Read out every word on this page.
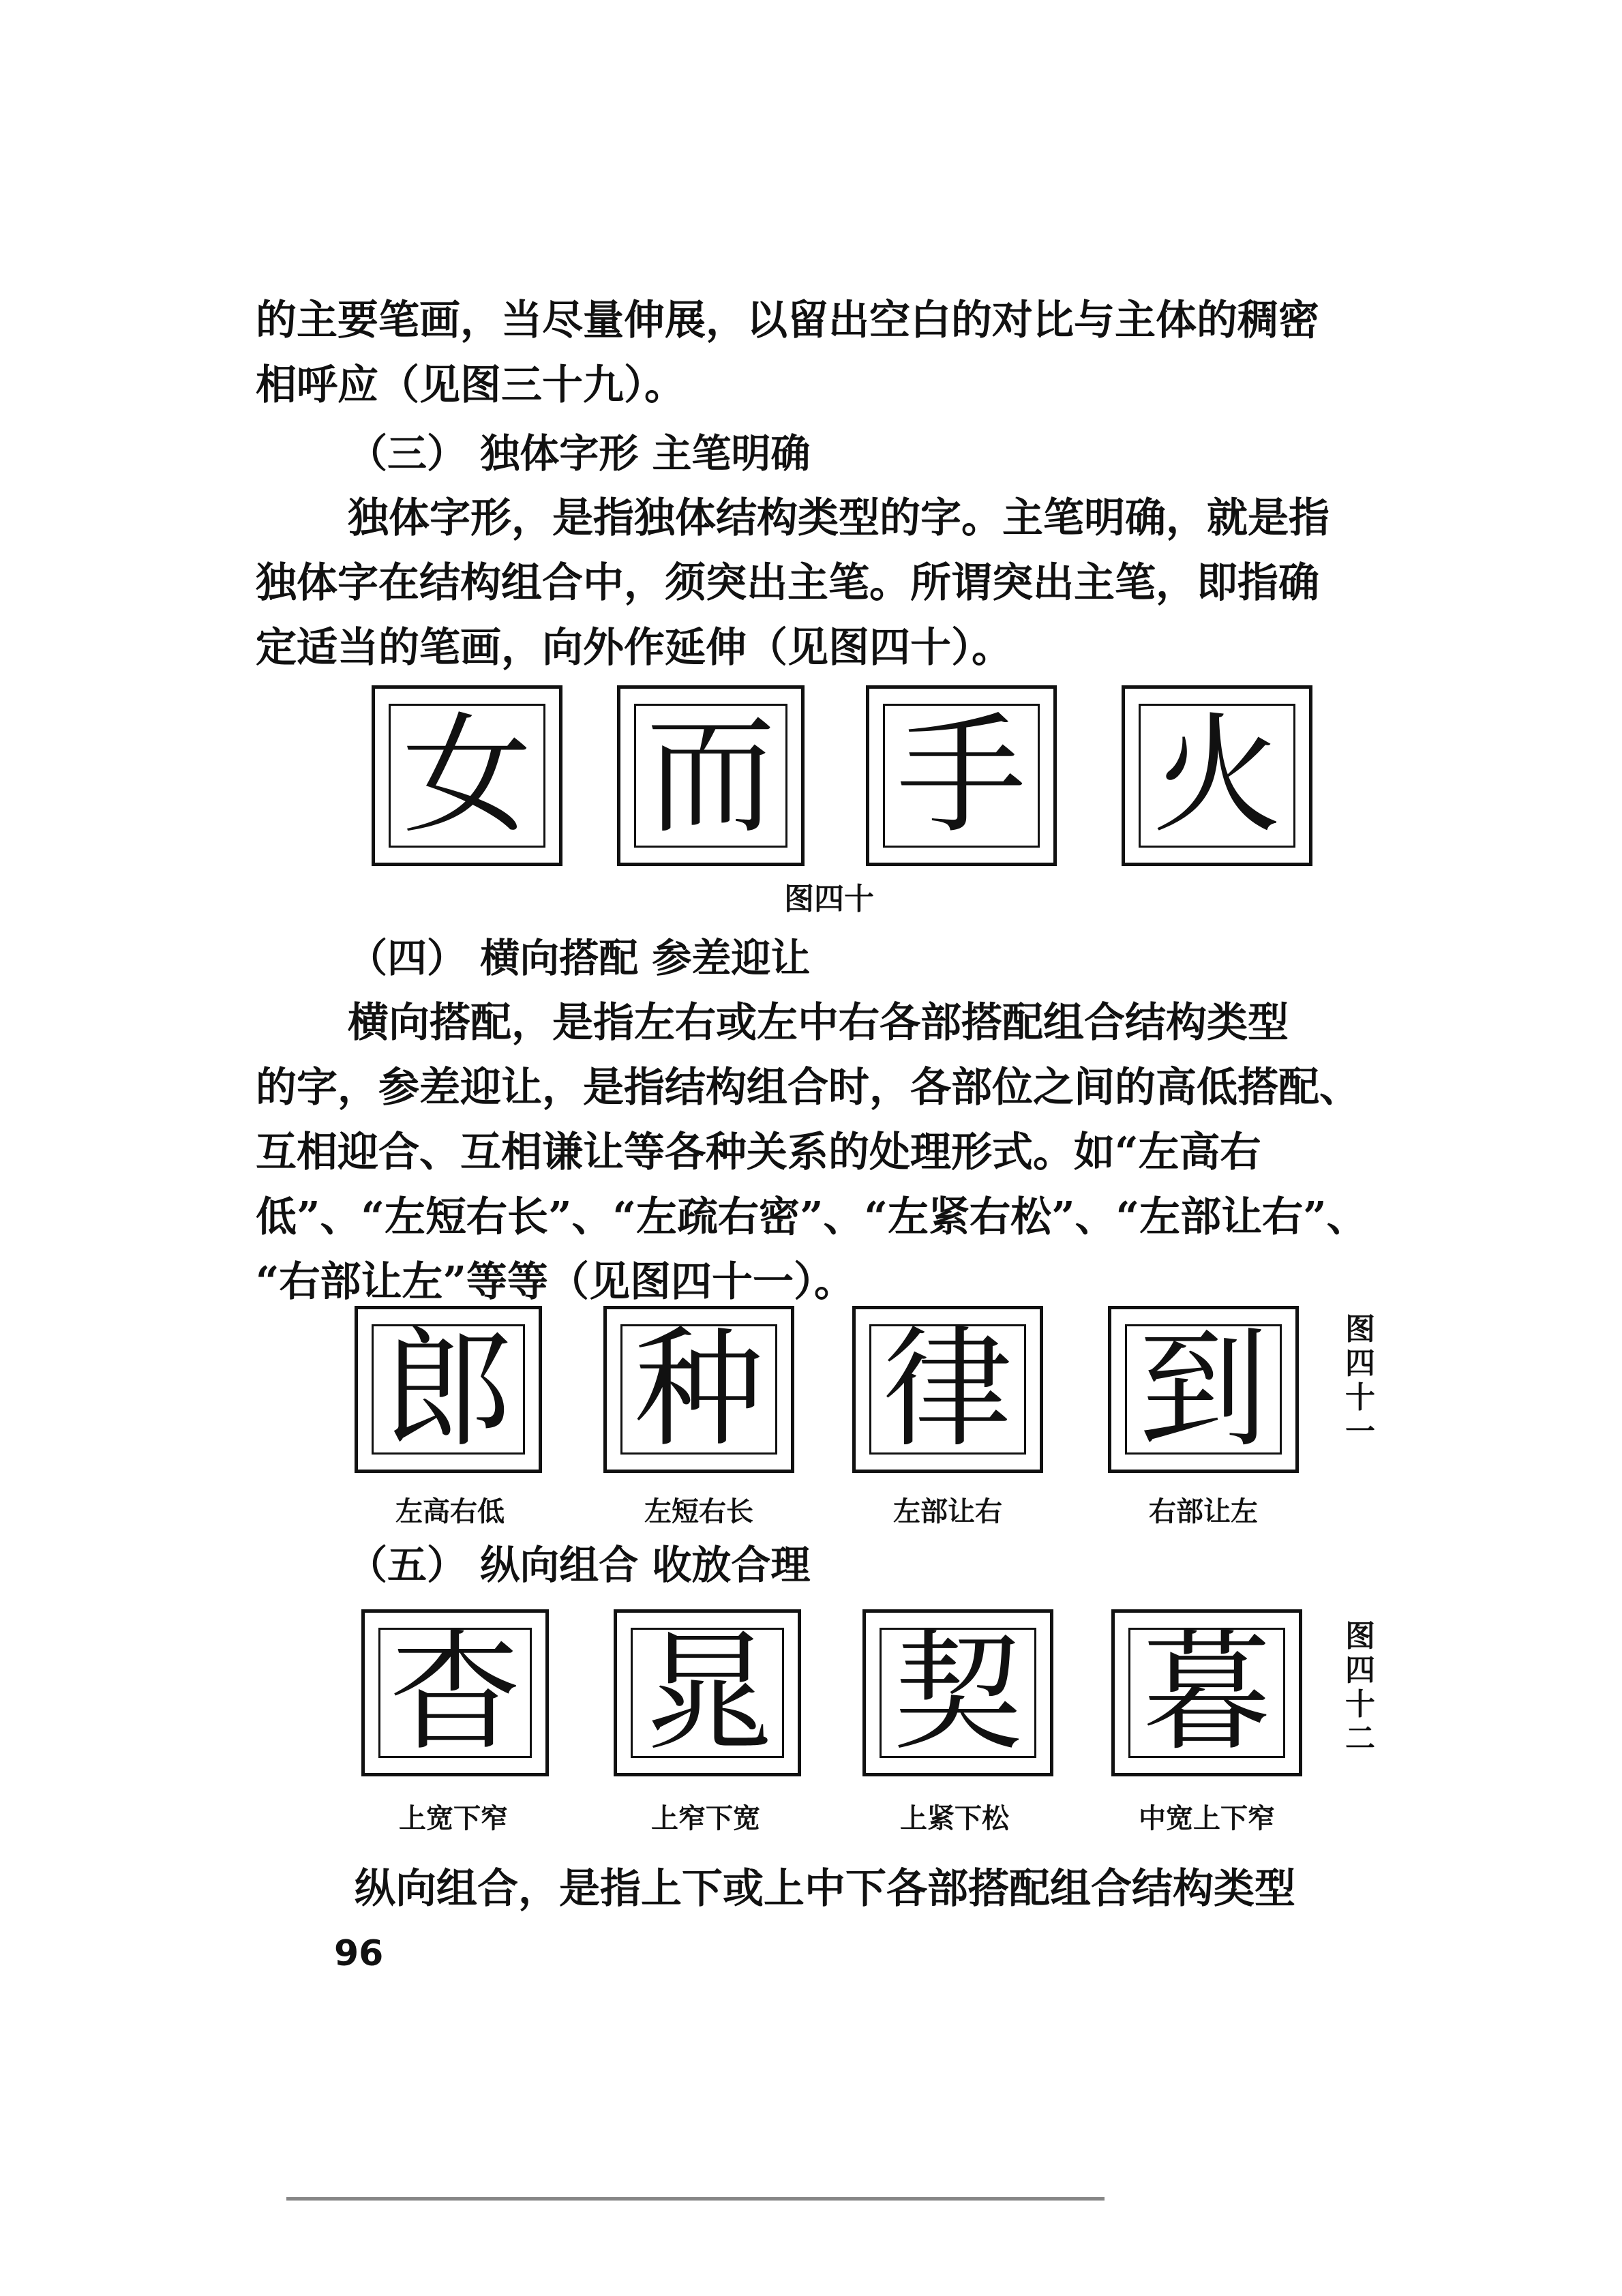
的主要笔画，当尽量伸展，以留出空白的对比与主体的稠密
相呼应（见图三十九）。
（三） 独体字形 主笔明确
独体字形，是指独体结构类型的字。主笔明确，就是指
独体字在结构组合中，须突出主笔。所谓突出主笔，即指确
定适当的笔画，向外作延伸（见图四十）。
女 而 手 火
图四十
（四） 横向搭配 参差迎让
横向搭配，是指左右或左中右各部搭配组合结构类型
的字，参差迎让，是指结构组合时，各部位之间的高低搭配、
互相迎合、互相谦让等各种关系的处理形式。如“左高右
低”、“左短右长”、“左疏右密”、“左紧右松”、“左部让右”、
“右部让左”等等（见图四十一）。
郎 种 律 到	图
四
十
一
左高右低	左短右长	左部让右	右部让左
（五） 纵向组合 收放合理
杳 晁 契 暮	图
四
十
二
上宽下窄	上窄下宽	上紧下松	中宽上下窄
纵向组合，是指上下或上中下各部搭配组合结构类型
96
